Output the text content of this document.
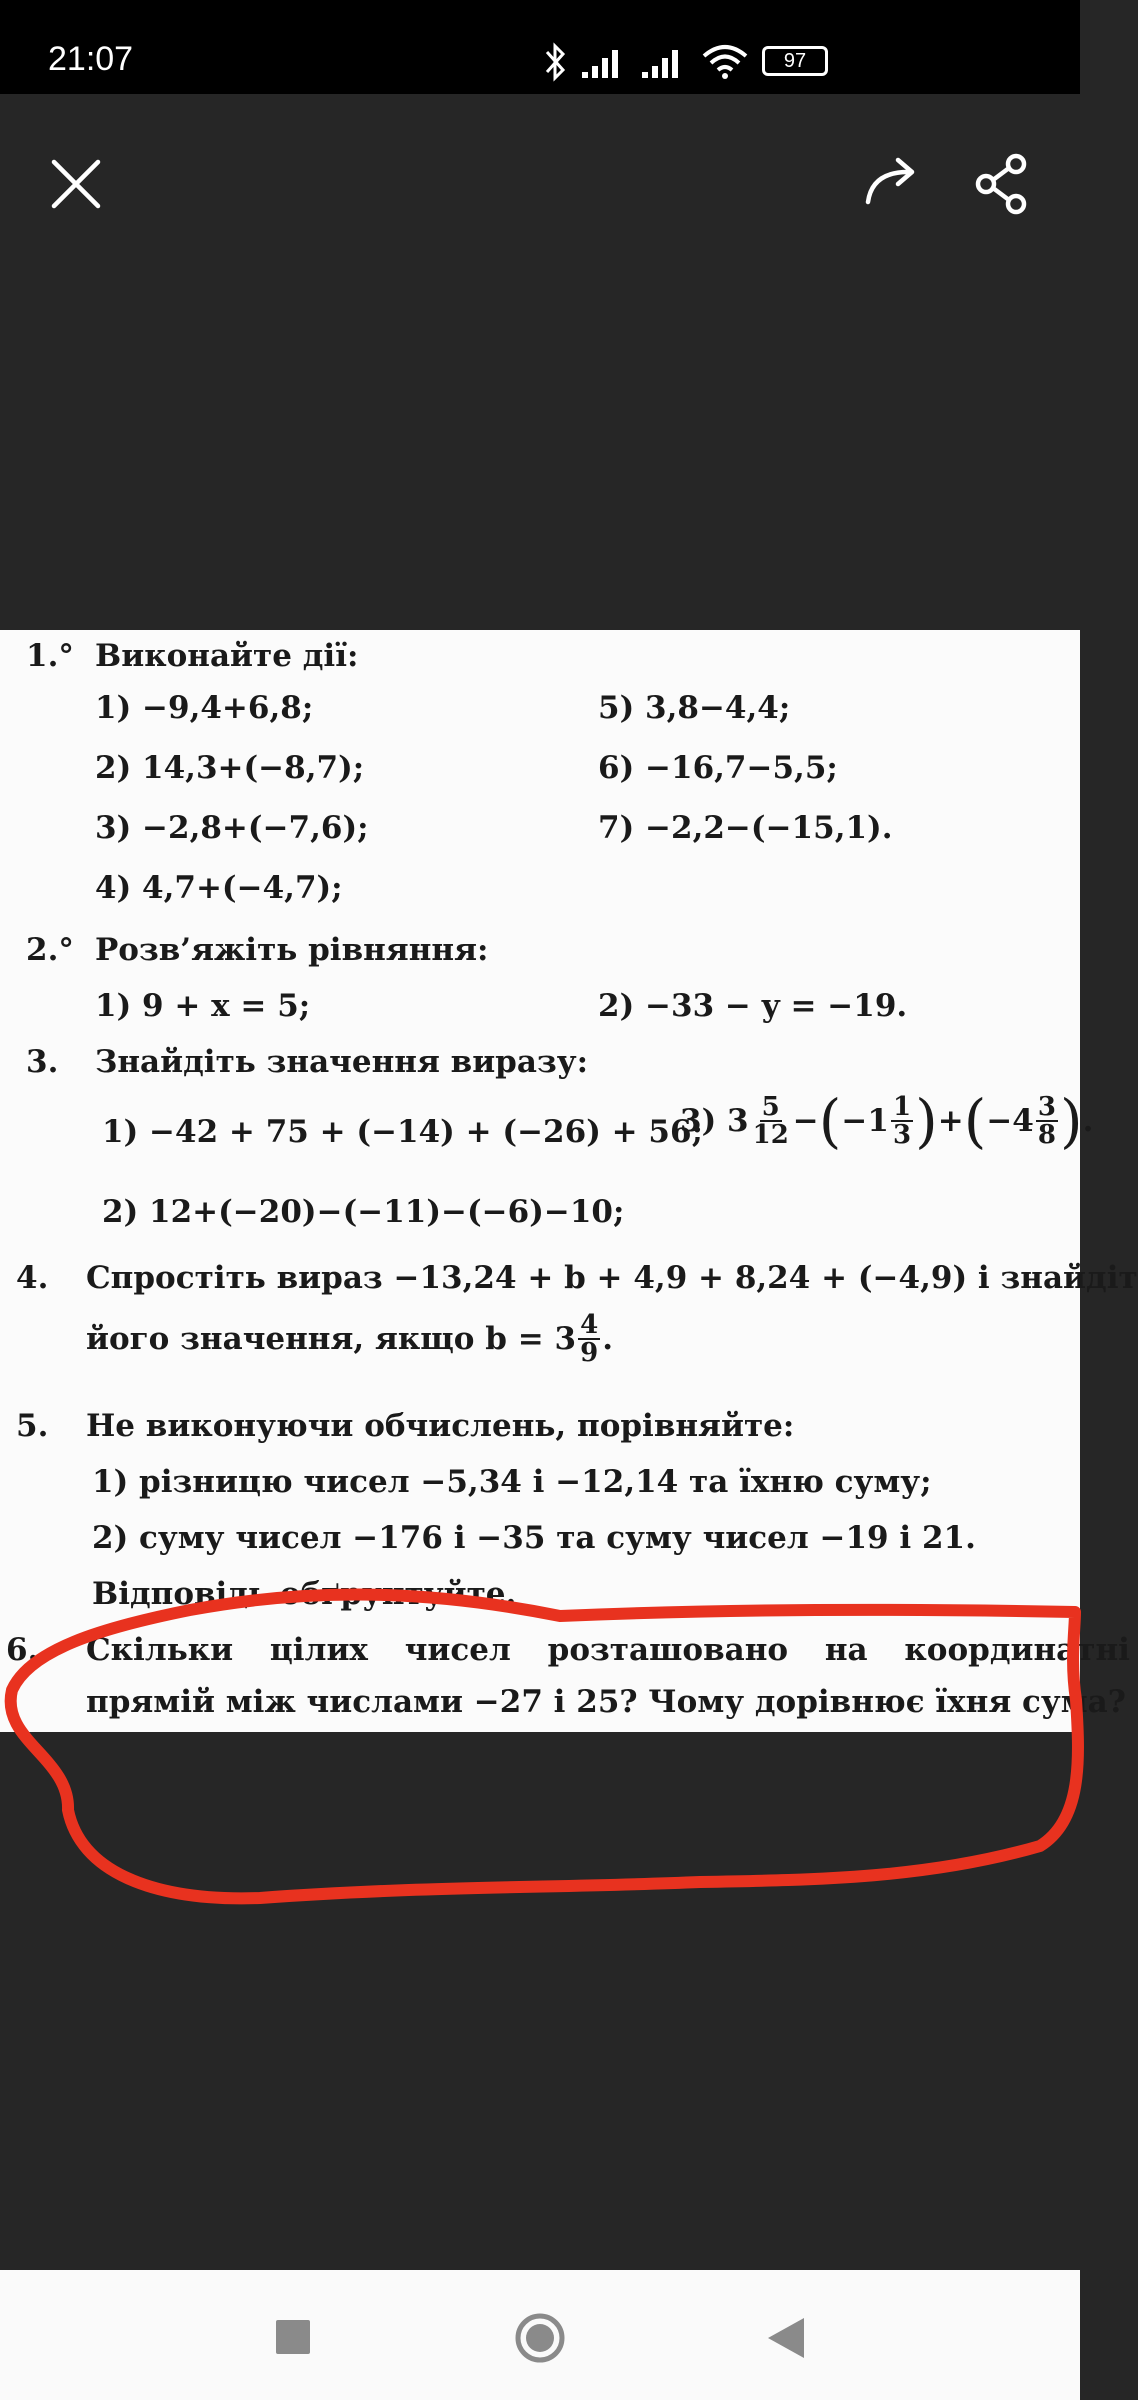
21:07	97
1.° Виконайте дії:
1) −9,4+6,8;
2) 14,3+(−8,7);
3) −2,8+(−7,6);
4) 4,7+(−4,7);
5) 3,8−4,4;
6) −16,7−5,5;
7) −2,2−(−15,1).
2.° Розв’яжіть рівняння:
1) 9 + x = 5;	2) −33 − y = −19.
3. Знайдіть значення виразу:
1) −42 + 75 + (−14) + (−26) + 56;
3) $3 \frac{5}{12}$ − ( $-1 \frac{1}{3}$ ) + ( $-4 \frac{3}{8}$ ) .
2) 12+(−20)−(−11)−(−6)−10;
4. Спростіть вираз −13,24 + b + 4,9 + 8,24 + (−4,9) і знайдіт
його значення, якщо $b = 3 \frac{4}{9}$ .
5. Не виконуючи обчислень, порівняйте:
1) різницю чисел −5,34 і −12,14 та їхню суму;
2) суму чисел −176 і −35 та суму чисел −19 і 21.
Відповідь обґрунтуйте.
6. Скільки цілих чисел розташовано на координатні
прямій між числами −27 і 25? Чому дорівнює їхня сума?
